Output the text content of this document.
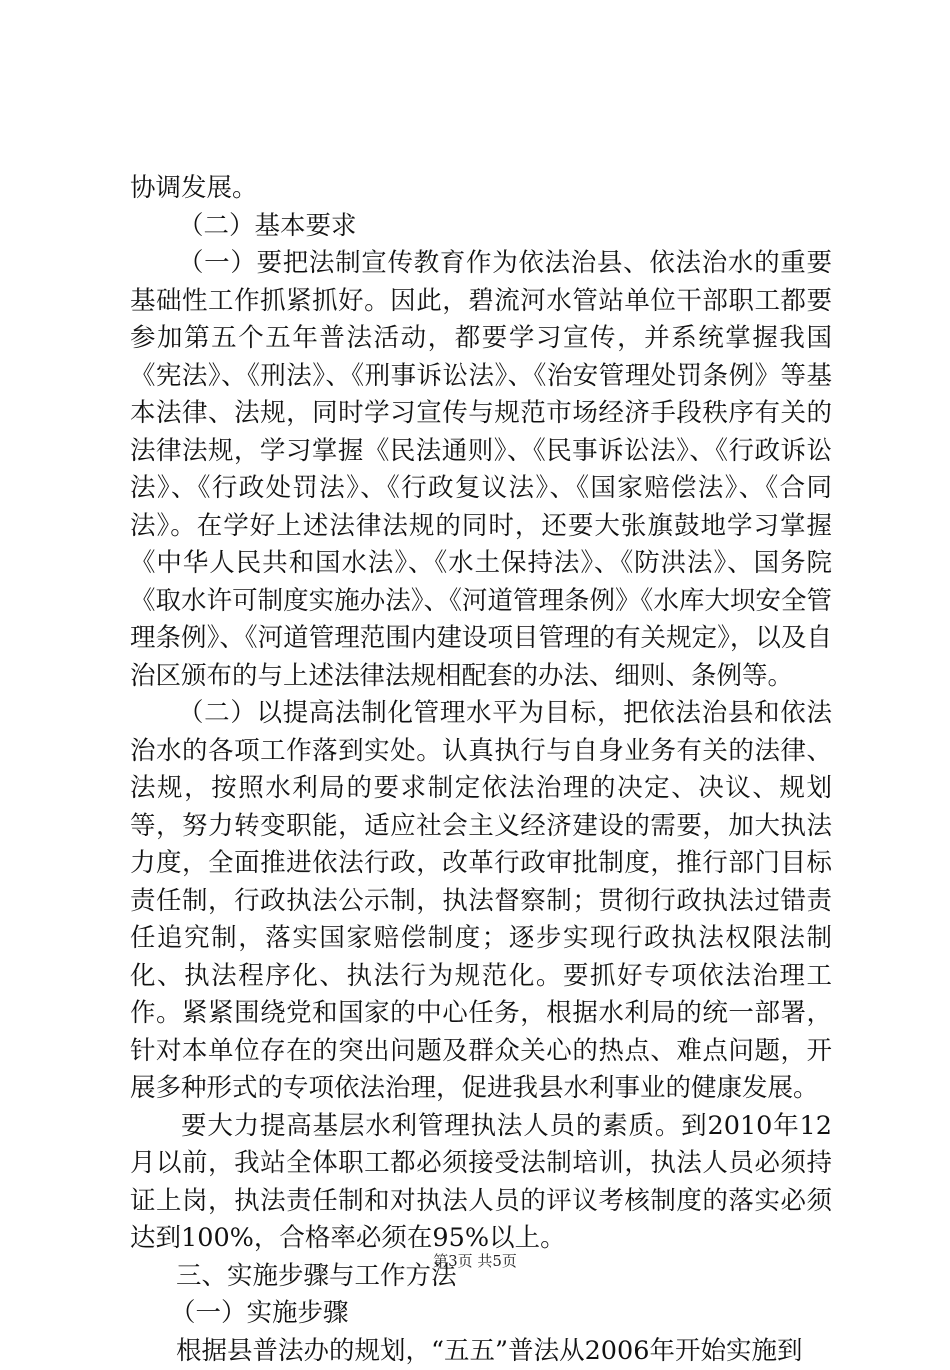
协调发展。

（二）基本要求

（一）要把法制宣传教育作为依法治县、依法治水的重要基础性工作抓紧抓好。因此，碧流河水管站单位干部职工都要参加第五个五年普法活动，都要学习宣传，并系统掌握我国《宪法》、《刑法》、《刑事诉讼法》、《治安管理处罚条例》等基本法律、法规，同时学习宣传与规范市场经济手段秩序有关的法律法规，学习掌握《民法通则》、《民事诉讼法》、《行政诉讼法》、《行政处罚法》、《行政复议法》、《国家赔偿法》、《合同法》。在学好上述法律法规的同时，还要大张旗鼓地学习掌握《中华人民共和国水法》、《水土保持法》、《防洪法》、国务院《取水许可制度实施办法》、《河道管理条例》《水库大坝安全管理条例》、《河道管理范围内建设项目管理的有关规定》，以及自治区颁布的与上述法律法规相配套的办法、细则、条例等。

（二）以提高法制化管理水平为目标，把依法治县和依法治水的各项工作落到实处。认真执行与自身业务有关的法律、法规，按照水利局的要求制定依法治理的决定、决议、规划等，努力转变职能，适应社会主义经济建设的需要，加大执法力度，全面推进依法行政，改革行政审批制度，推行部门目标责任制，行政执法公示制，执法督察制；贯彻行政执法过错责任追究制，落实国家赔偿制度；逐步实现行政执法权限法制化、执法程序化、执法行为规范化。要抓好专项依法治理工作。紧紧围绕党和国家的中心任务，根据水利局的统一部署，针对本单位存在的突出问题及群众关心的热点、难点问题，开展多种形式的专项依法治理，促进我县水利事业的健康发展。

要大力提高基层水利管理执法人员的素质。到2010年12月以前，我站全体职工都必须接受法制培训，执法人员必须持证上岗，执法责任制和对执法人员的评议考核制度的落实必须达到100%，合格率必须在95%以上。

三、实施步骤与工作方法

（一）实施步骤

根据县普法办的规划，“五五”普法从2006年开始实施到

第3页 共5页
